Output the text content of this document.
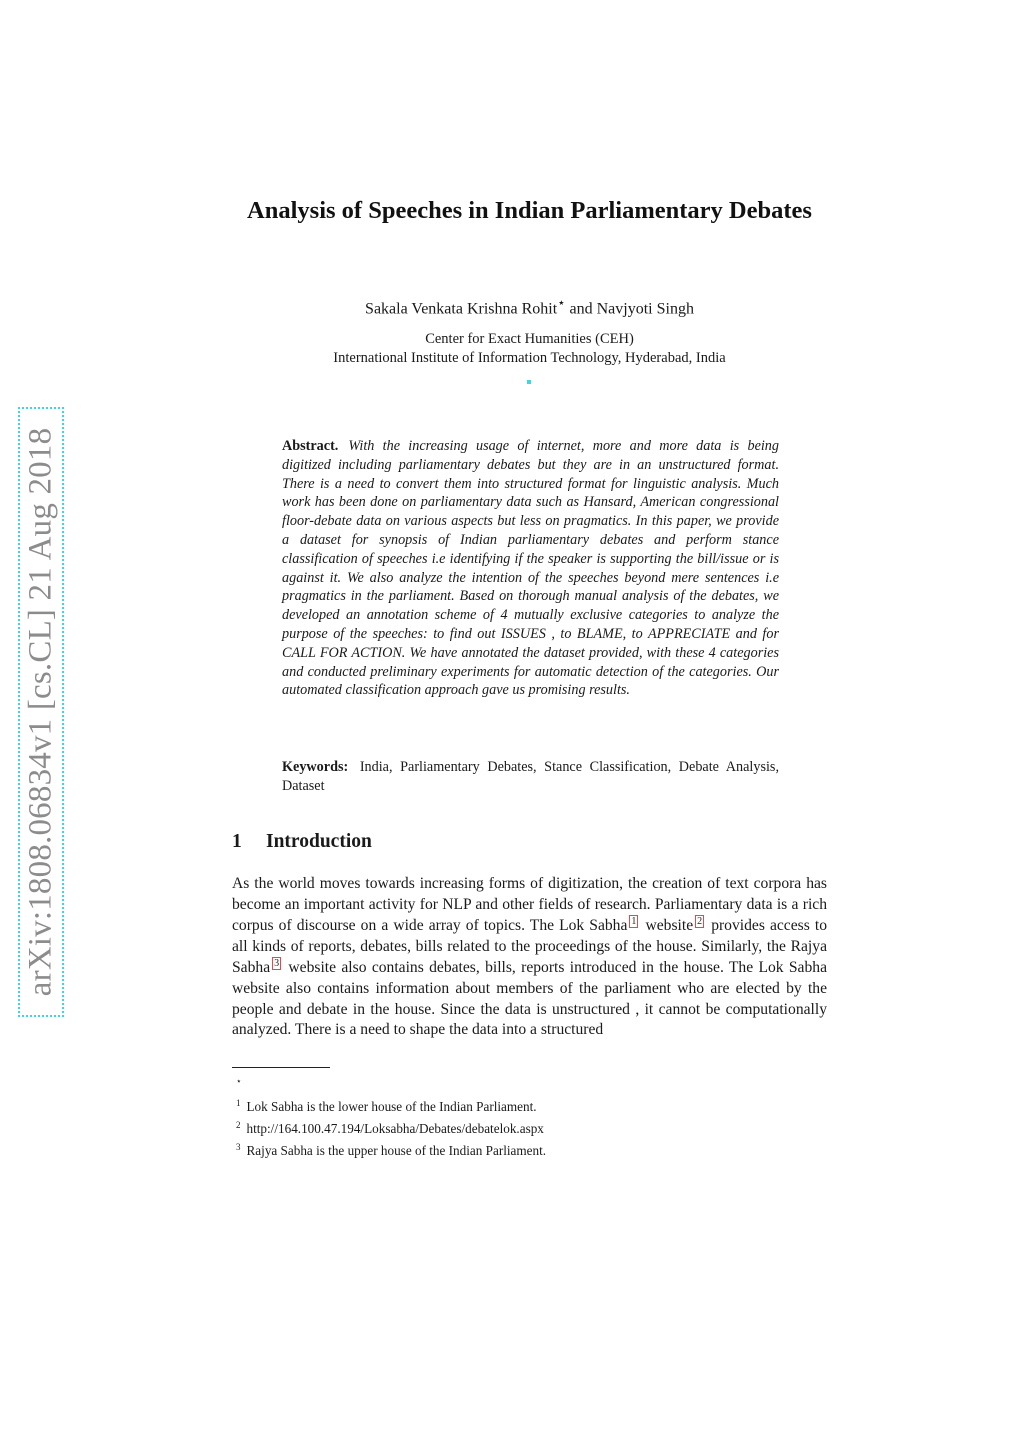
arXiv:1808.06834v1 [cs.CL] 21 Aug 2018
Analysis of Speeches in Indian Parliamentary Debates
Sakala Venkata Krishna Rohit⋆ and Navjyoti Singh
Center for Exact Humanities (CEH)
International Institute of Information Technology, Hyderabad, India
Abstract. With the increasing usage of internet, more and more data is being digitized including parliamentary debates but they are in an unstructured format. There is a need to convert them into structured format for linguistic analysis. Much work has been done on parliamentary data such as Hansard, American congressional floor-debate data on various aspects but less on pragmatics. In this paper, we provide a dataset for synopsis of Indian parliamentary debates and perform stance classification of speeches i.e identifying if the speaker is supporting the bill/issue or is against it. We also analyze the intention of the speeches beyond mere sentences i.e pragmatics in the parliament. Based on thorough manual analysis of the debates, we developed an annotation scheme of 4 mutually exclusive categories to analyze the purpose of the speeches: to find out ISSUES , to BLAME, to APPRECIATE and for CALL FOR ACTION. We have annotated the dataset provided, with these 4 categories and conducted preliminary experiments for automatic detection of the categories. Our automated classification approach gave us promising results.
Keywords: India, Parliamentary Debates, Stance Classification, Debate Analysis, Dataset
1 Introduction
As the world moves towards increasing forms of digitization, the creation of text corpora has become an important activity for NLP and other fields of research. Parliamentary data is a rich corpus of discourse on a wide array of topics. The Lok Sabha 1 website 2 provides access to all kinds of reports, debates, bills related to the proceedings of the house. Similarly, the Rajya Sabha 3 website also contains debates, bills, reports introduced in the house. The Lok Sabha website also contains information about members of the parliament who are elected by the people and debate in the house. Since the data is unstructured , it cannot be computationally analyzed. There is a need to shape the data into a structured
⋆
$^1$ Lok Sabha is the lower house of the Indian Parliament.
$^2$ http://164.100.47.194/Loksabha/Debates/debatelok.aspx
$^3$ Rajya Sabha is the upper house of the Indian Parliament.
